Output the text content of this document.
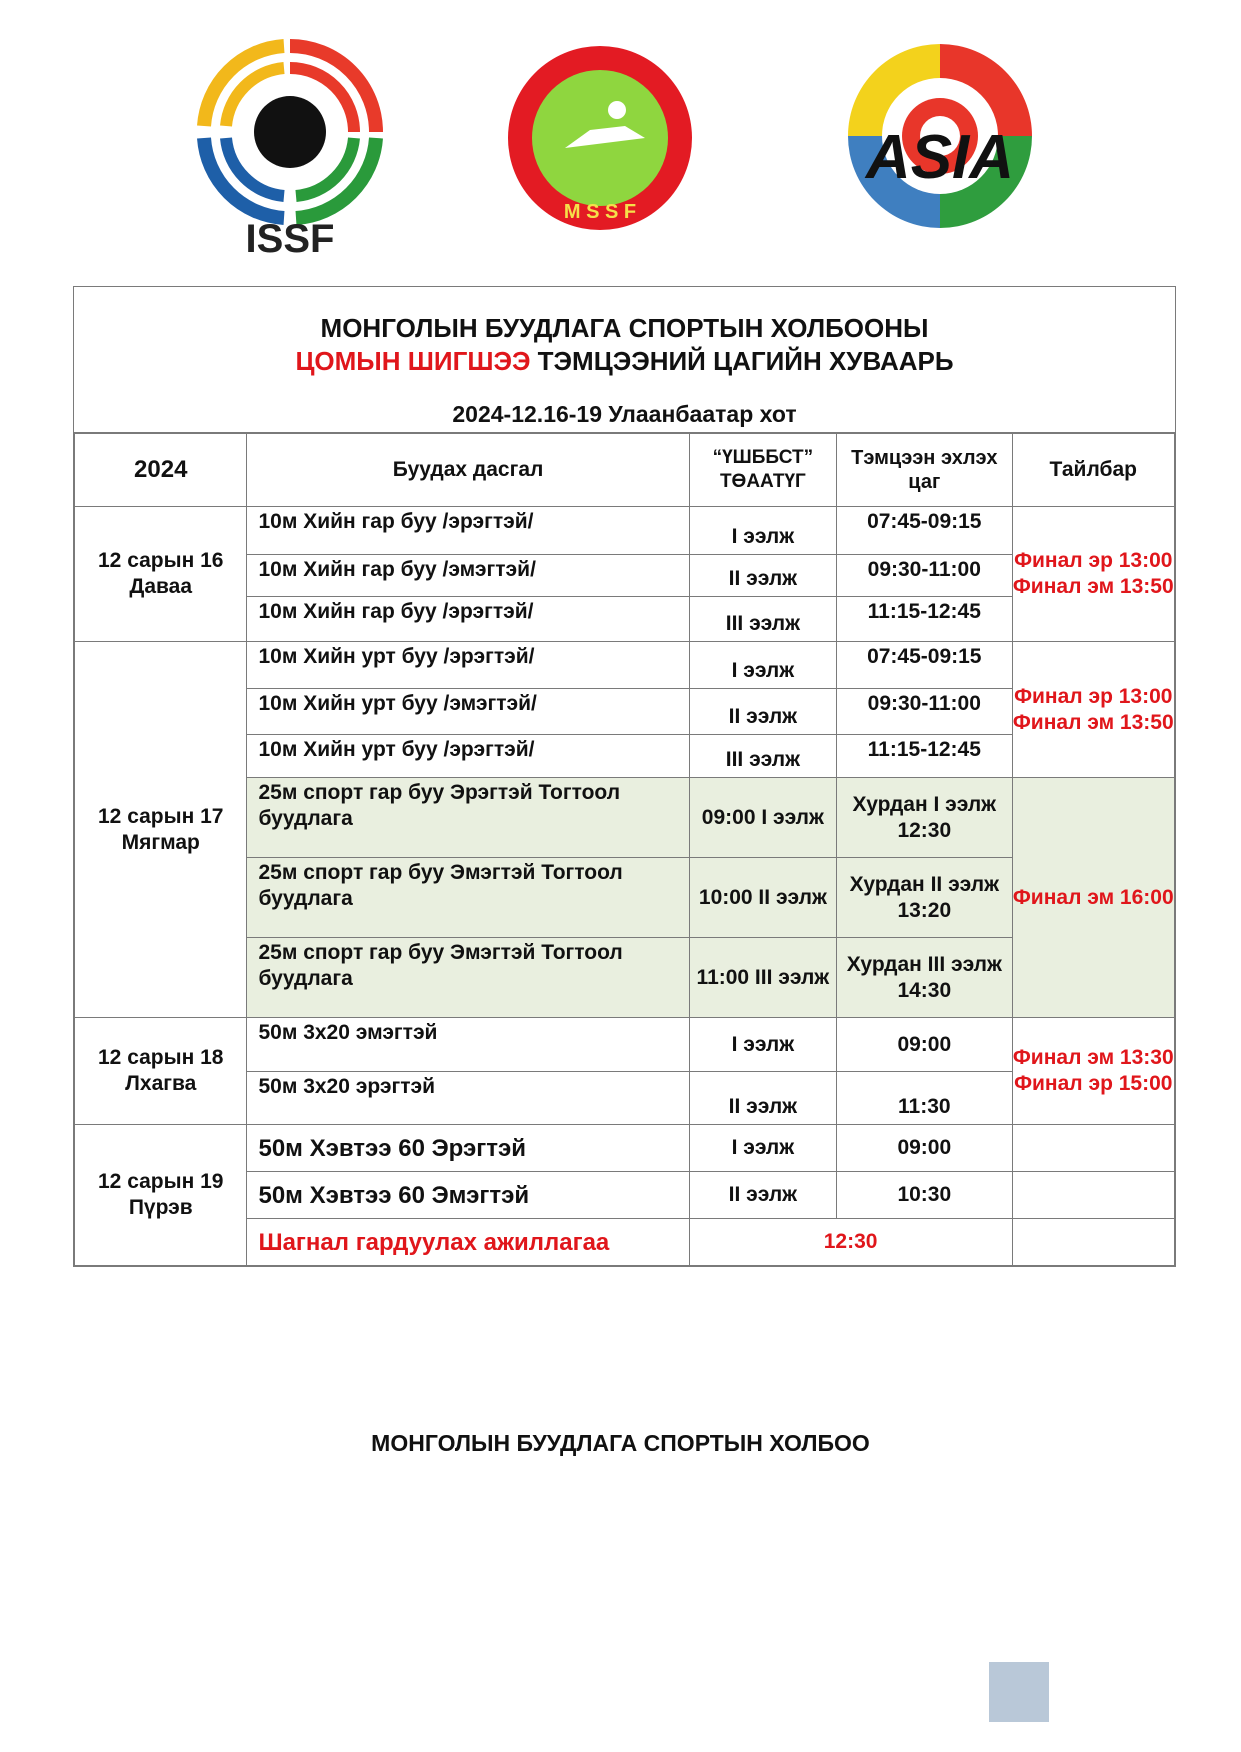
ISSF
M S S F
ASIA
МОНГОЛЫН БУУДЛАГА СПОРТЫН ХОЛБООНЫ
ЦОМЫН ШИГШЭЭ ТЭМЦЭЭНИЙ ЦАГИЙН ХУВААРЬ
2024-12.16-19 Улаанбаатар хот
2024	Буудах дасгал	“ҮШББСТ” ТӨААТҮГ	Тэмцээн эхлэх цаг	Тайлбар
12 сарын 16 Даваа	10м Хийн гар буу /эрэгтэй/	I ээлж	07:45-09:15	Финал эр 13:00 Финал эм 13:50
	10м Хийн гар буу /эмэгтэй/	II ээлж	09:30-11:00	
	10м Хийн гар буу /эрэгтэй/	III ээлж	11:15-12:45	
12 сарын 17 Мягмар	10м Хийн урт буу /эрэгтэй/	I ээлж	07:45-09:15	Финал эр 13:00 Финал эм 13:50
	10м Хийн урт буу /эмэгтэй/	II ээлж	09:30-11:00	
	10м Хийн урт буу /эрэгтэй/	III ээлж	11:15-12:45	
	25м спорт гар буу Эрэгтэй Тогтоол буудлага	09:00 I ээлж	Хурдан I ээлж 12:30	Финал эм 16:00
	25м спорт гар буу Эмэгтэй Тогтоол буудлага	10:00 II ээлж	Хурдан II ээлж 13:20	
	25м спорт гар буу Эмэгтэй Тогтоол буудлага	11:00 III ээлж	Хурдан III ээлж 14:30	
12 сарын 18 Лхагва	50м 3х20 эмэгтэй	I ээлж	09:00	Финал эм 13:30 Финал эр 15:00
	50м 3х20 эрэгтэй	II ээлж	11:30	
12 сарын 19 Пүрэв	50м Хэвтээ 60 Эрэгтэй	I ээлж	09:00	
	50м Хэвтээ 60 Эмэгтэй	II ээлж	10:30	
	Шагнал гардуулах ажиллагаа	12:30		
МОНГОЛЫН БУУДЛАГА СПОРТЫН ХОЛБОО
